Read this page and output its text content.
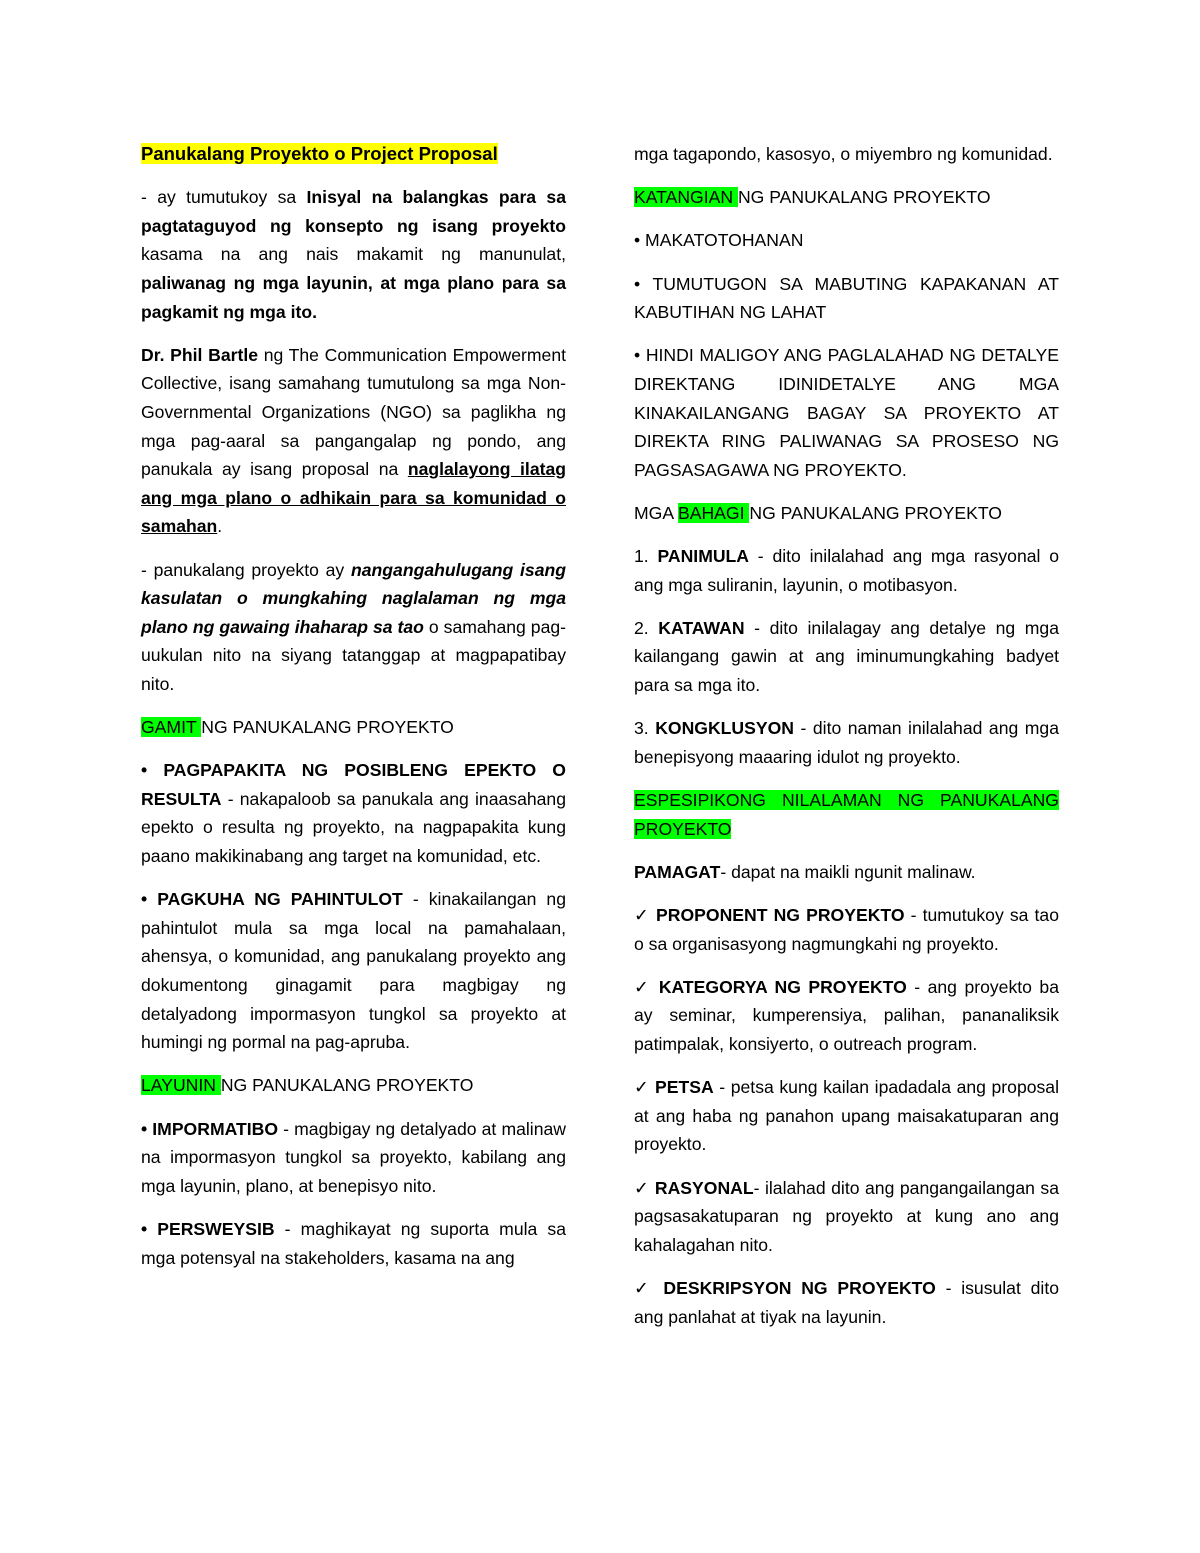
Panukalang Proyekto o Project Proposal

- ay tumutukoy sa Inisyal na balangkas para sa pagtataguyod ng konsepto ng isang proyekto kasama na ang nais makamit ng manunulat, paliwanag ng mga layunin, at mga plano para sa pagkamit ng mga ito.

Dr. Phil Bartle ng The Communication Empowerment Collective, isang samahang tumutulong sa mga Non-Governmental Organizations (NGO) sa paglikha ng mga pag-aaral sa pangangalap ng pondo, ang panukala ay isang proposal na naglalayong ilatag ang mga plano o adhikain para sa komunidad o samahan.

- panukalang proyekto ay nangangahulugang isang kasulatan o mungkahing naglalaman ng mga plano ng gawaing ihaharap sa tao o samahang pag-uukulan nito na siyang tatanggap at magpapatibay nito.

GAMIT NG PANUKALANG PROYEKTO

• PAGPAPAKITA NG POSIBLENG EPEKTO O RESULTA - nakapaloob sa panukala ang inaasahang epekto o resulta ng proyekto, na nagpapakita kung paano makikinabang ang target na komunidad, etc.

• PAGKUHA NG PAHINTULOT - kinakailangan ng pahintulot mula sa mga local na pamahalaan, ahensya, o komunidad, ang panukalang proyekto ang dokumentong ginagamit para magbigay ng detalyadong impormasyon tungkol sa proyekto at humingi ng pormal na pag-apruba.

LAYUNIN NG PANUKALANG PROYEKTO

• IMPORMATIBO - magbigay ng detalyado at malinaw na impormasyon tungkol sa proyekto, kabilang ang mga layunin, plano, at benepisyo nito.

• PERSWEYSIB - maghikayat ng suporta mula sa mga potensyal na stakeholders, kasama na ang

mga tagapondo, kasosyo, o miyembro ng komunidad.

KATANGIAN NG PANUKALANG PROYEKTO

• MAKATOTOHANAN

• TUMUTUGON SA MABUTING KAPAKANAN AT KABUTIHAN NG LAHAT

• HINDI MALIGOY ANG PAGLALAHAD NG DETALYE DIREKTANG IDINIDETALYE ANG MGA KINAKAILANGANG BAGAY SA PROYEKTO AT DIREKTA RING PALIWANAG SA PROSESO NG PAGSASAGAWA NG PROYEKTO.

MGA BAHAGI NG PANUKALANG PROYEKTO

1. PANIMULA - dito inilalahad ang mga rasyonal o ang mga suliranin, layunin, o motibasyon.

2. KATAWAN - dito inilalagay ang detalye ng mga kailangang gawin at ang iminumungkahing badyet para sa mga ito.

3. KONGKLUSYON - dito naman inilalahad ang mga benepisyong maaaring idulot ng proyekto.

ESPESIPIKONG NILALAMAN NG PANUKALANG PROYEKTO

PAMAGAT- dapat na maikli ngunit malinaw.

✓ PROPONENT NG PROYEKTO - tumutukoy sa tao o sa organisasyong nagmungkahi ng proyekto.

✓ KATEGORYA NG PROYEKTO - ang proyekto ba ay seminar, kumperensiya, palihan, pananaliksik patimpalak, konsiyerto, o outreach program.

✓ PETSA - petsa kung kailan ipadadala ang proposal at ang haba ng panahon upang maisakatuparan ang proyekto.

✓ RASYONAL- ilalahad dito ang pangangailangan sa pagsasakatuparan ng proyekto at kung ano ang kahalagahan nito.

✓ DESKRIPSYON NG PROYEKTO - isusulat dito ang panlahat at tiyak na layunin.
